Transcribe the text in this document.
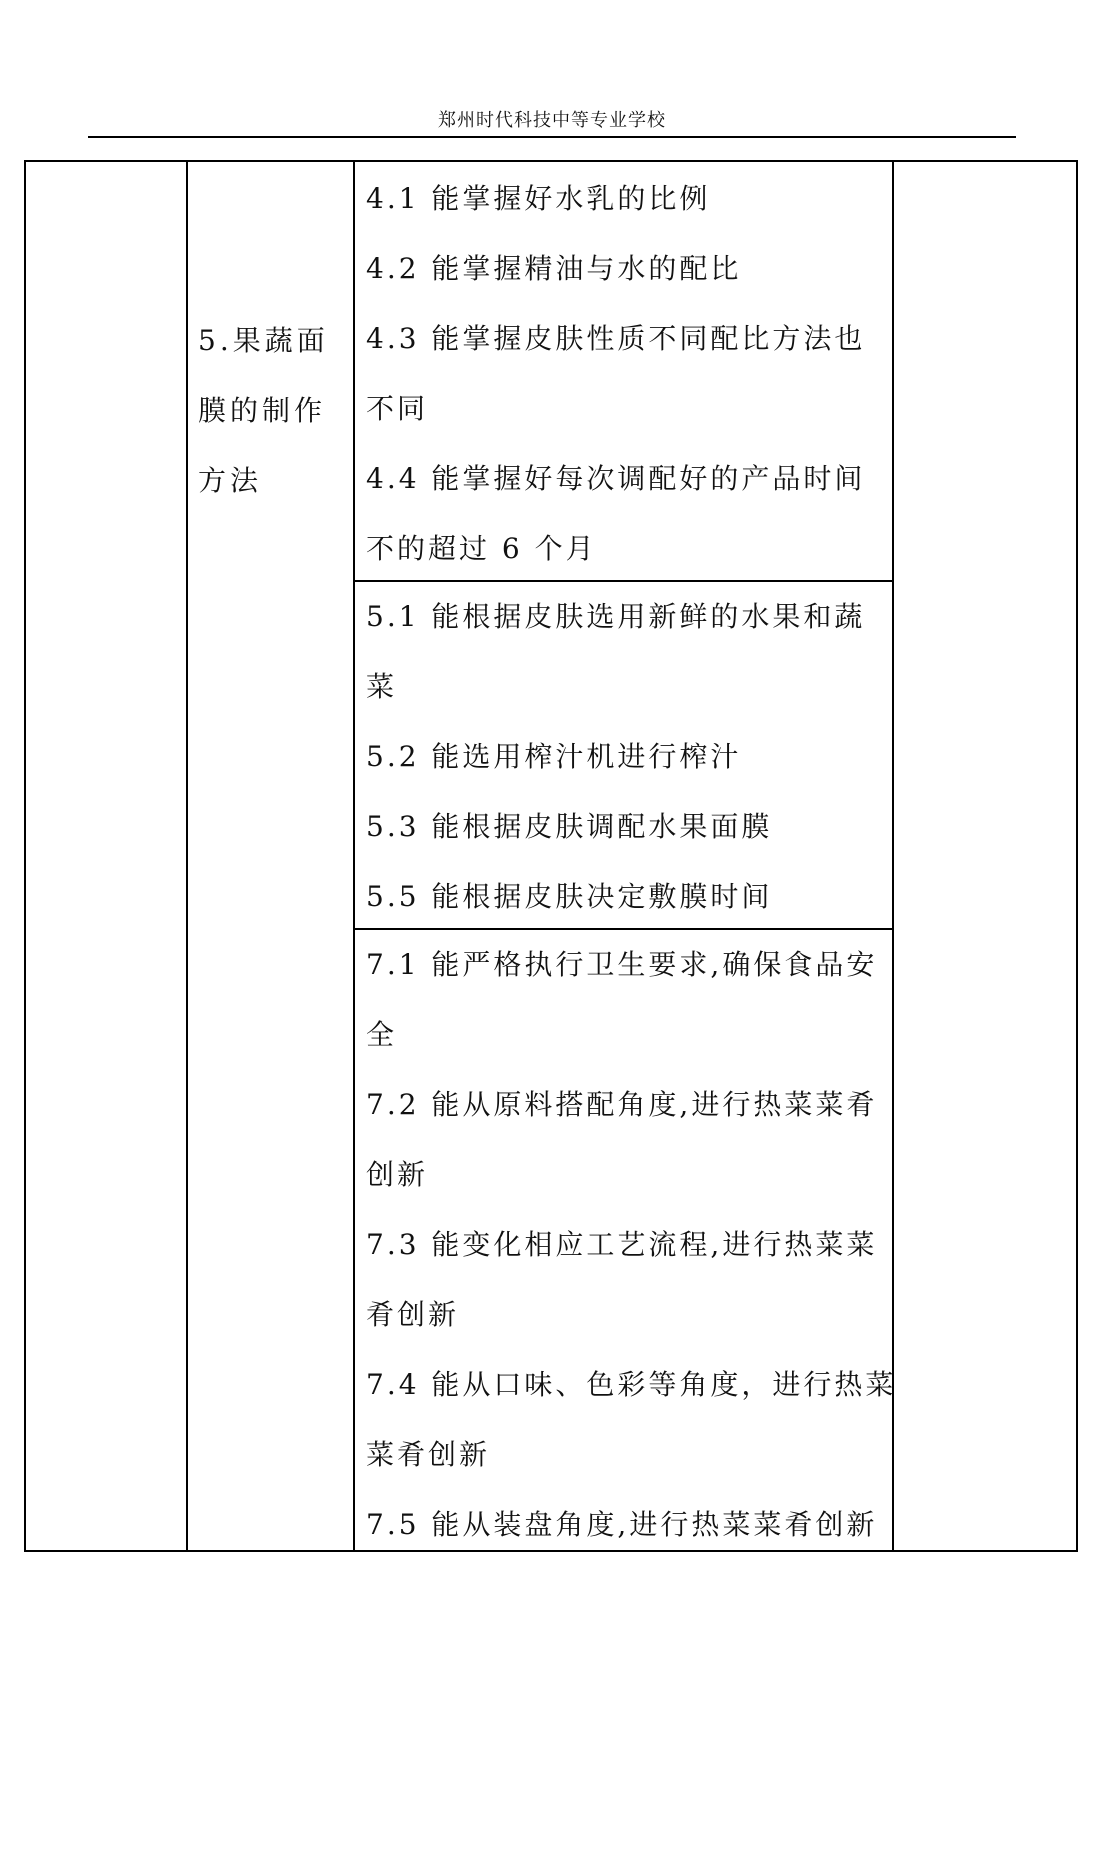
郑州时代科技中等专业学校
5.果蔬面
膜的制作
方法
4.1 能掌握好水乳的比例
4.2 能掌握精油与水的配比
4.3 能掌握皮肤性质不同配比方法也
不同
4.4 能掌握好每次调配好的产品时间
不的超过 6 个月
5.1 能根据皮肤选用新鲜的水果和蔬
菜
5.2 能选用榨汁机进行榨汁
5.3 能根据皮肤调配水果面膜
5.5 能根据皮肤决定敷膜时间
7.1 能严格执行卫生要求,确保食品安
全
7.2 能从原料搭配角度,进行热菜菜肴
创新
7.3 能变化相应工艺流程,进行热菜菜
肴创新
7.4 能从口味、色彩等角度，进行热菜
菜肴创新
7.5 能从装盘角度,进行热菜菜肴创新
